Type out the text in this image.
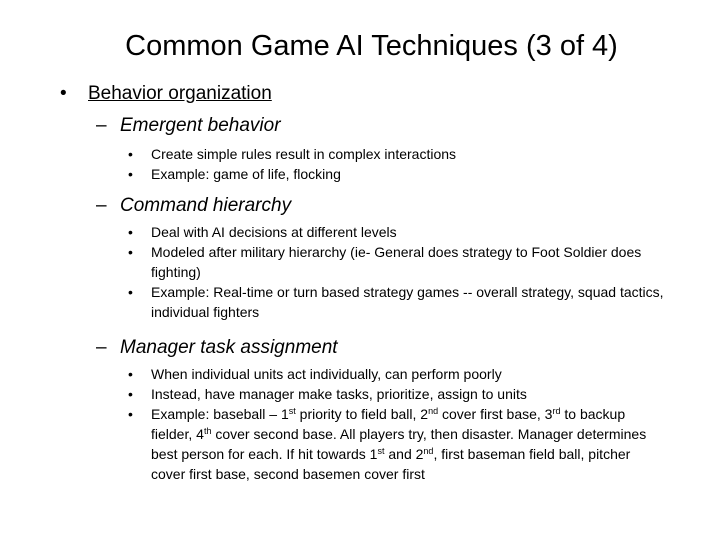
Common Game AI Techniques (3 of 4)
• Behavior organization
– Emergent behavior
• Create simple rules result in complex interactions
• Example: game of life, flocking
– Command hierarchy
• Deal with AI decisions at different levels
• Modeled after military hierarchy (ie- General does strategy to Foot Soldier does fighting)
• Example: Real-time or turn based strategy games -- overall strategy, squad tactics, individual fighters
– Manager task assignment
• When individual units act individually, can perform poorly
• Instead, have manager make tasks, prioritize, assign to units
• Example: baseball – 1st priority to field ball, 2nd cover first base, 3rd to backup fielder, 4th cover second base. All players try, then disaster. Manager determines best person for each. If hit towards 1st and 2nd, first baseman field ball, pitcher cover first base, second basemen cover first
